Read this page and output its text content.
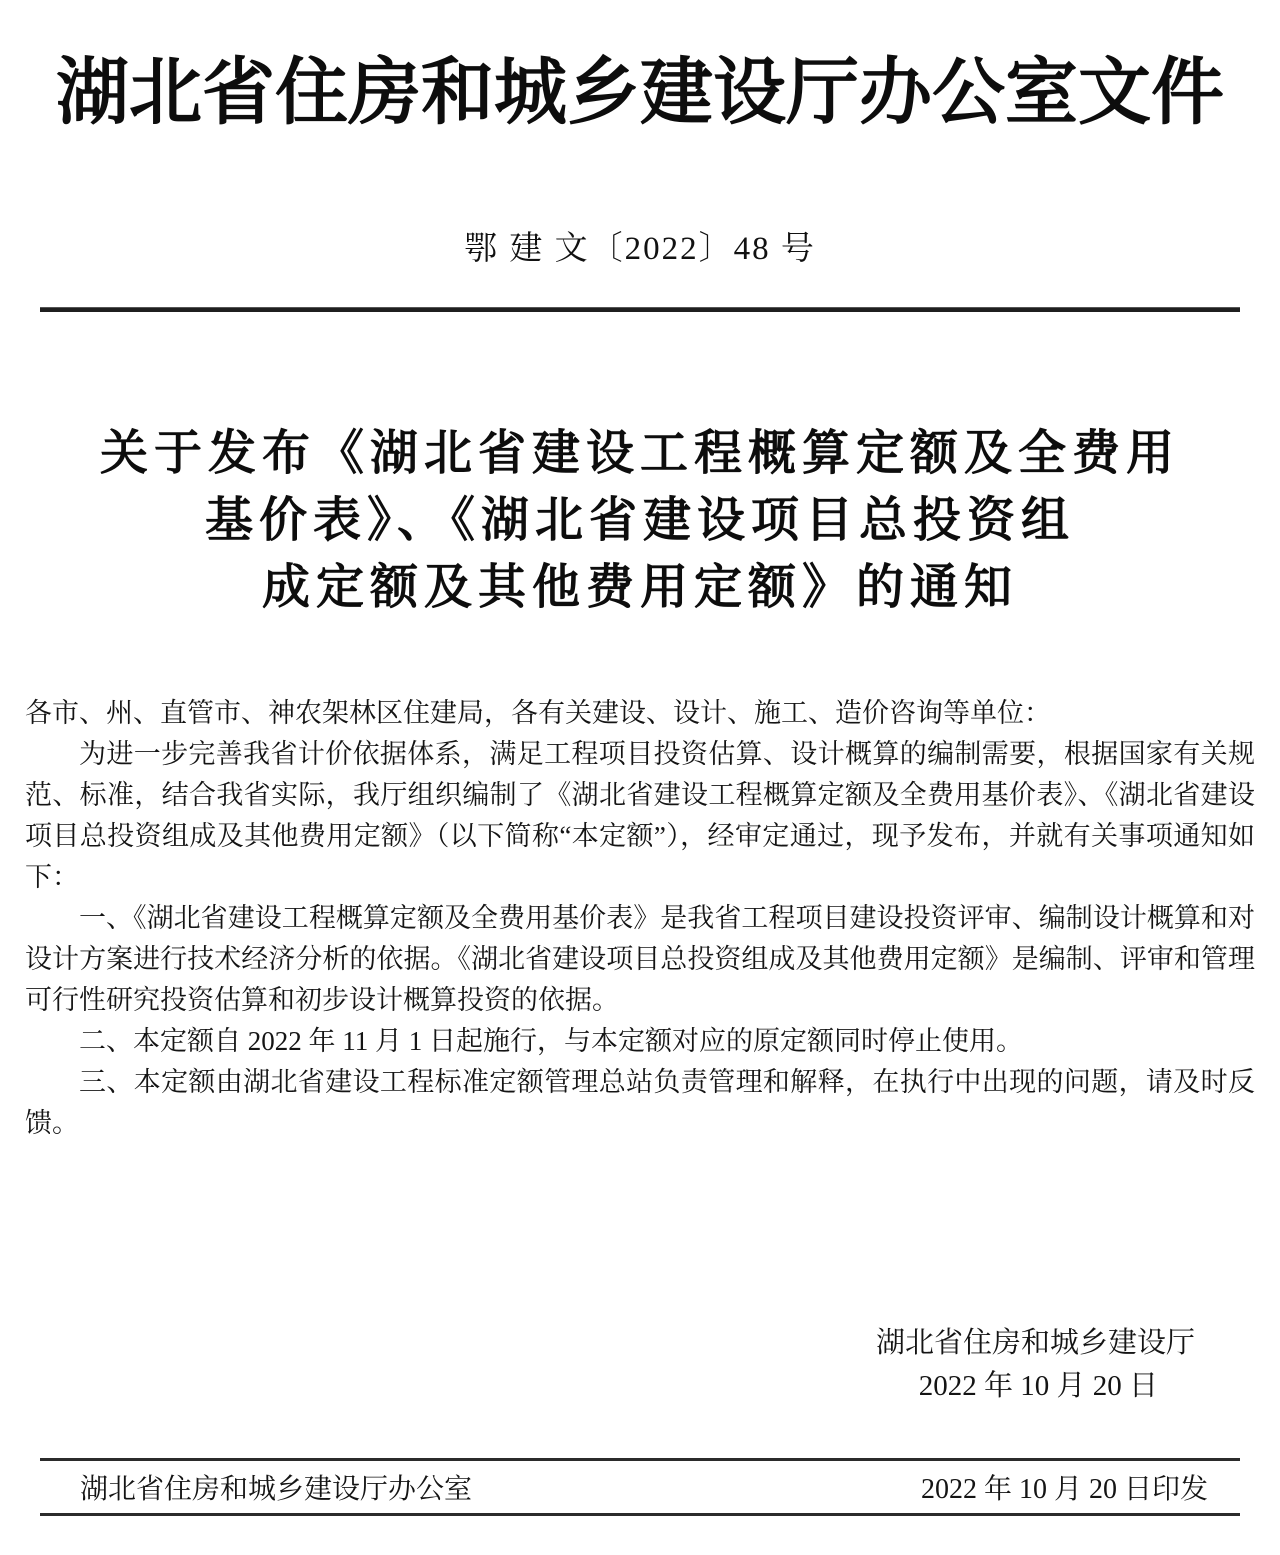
湖北省住房和城乡建设厅办公室文件
鄂 建 文〔2022〕48 号
关于发布《湖北省建设工程概算定额及全费用
基价表》、《湖北省建设项目总投资组
成定额及其他费用定额》的通知

各市、州、直管市、神农架林区住建局，各有关建设、设计、施工、造价咨询等单位：

为进一步完善我省计价依据体系，满足工程项目投资估算、设计概算的编制需要，根据国家有关规范、标准，结合我省实际，我厅组织编制了《湖北省建设工程概算定额及全费用基价表》、《湖北省建设项目总投资组成及其他费用定额》（以下简称“本定额”），经审定通过，现予发布，并就有关事项通知如下：

一、《湖北省建设工程概算定额及全费用基价表》是我省工程项目建设投资评审、编制设计概算和对设计方案进行技术经济分析的依据。《湖北省建设项目总投资组成及其他费用定额》是编制、评审和管理可行性研究投资估算和初步设计概算投资的依据。

二、本定额自 2022 年 11 月 1 日起施行，与本定额对应的原定额同时停止使用。

三、本定额由湖北省建设工程标准定额管理总站负责管理和解释，在执行中出现的问题，请及时反馈。

湖北省住房和城乡建设厅
2022 年 10 月 20 日
湖北省住房和城乡建设厅办公室	2022 年 10 月 20 日印发
